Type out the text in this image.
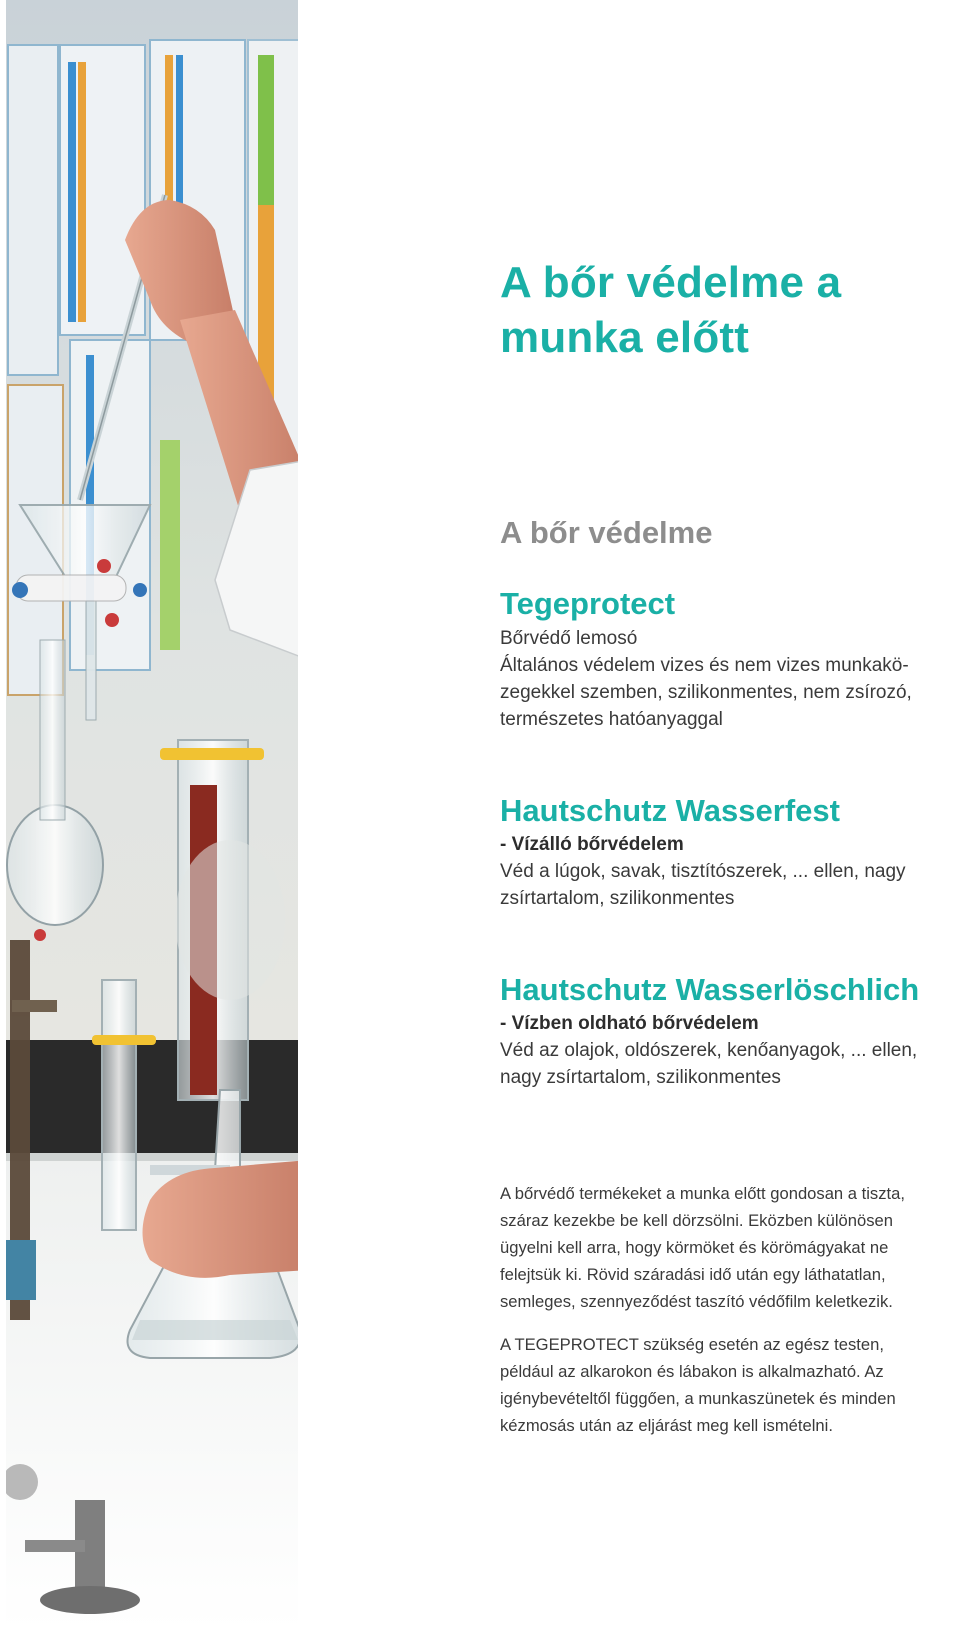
A bőr védelme a
munka előtt
A bőr védelme
Tegeprotect

Bőrvédő lemosó
Általános védelem vizes és nem vizes munkakö-
zegekkel szemben, szilikonmentes, nem zsírozó,
természetes hatóanyaggal

Hautschutz Wasserfest
- Vízálló bőrvédelem

Véd a lúgok, savak, tisztítószerek, ... ellen, nagy
zsírtartalom, szilikonmentes

Hautschutz Wasserlöschlich
- Vízben oldható bőrvédelem

Véd az olajok, oldószerek, kenőanyagok, ... ellen,
nagy zsírtartalom, szilikonmentes

A bőrvédő termékeket a munka előtt gondosan a tiszta,
száraz kezekbe be kell dörzsölni. Eközben különösen
ügyelni kell arra, hogy körmöket és körömágyakat ne
felejtsük ki. Rövid száradási idő után egy láthatatlan,
semleges, szennyeződést taszító védőfilm keletkezik.

A TEGEPROTECT szükség esetén az egész testen,
például az alkarokon és lábakon is alkalmazható. Az
igénybevételtől függően, a munkaszünetek és minden
kézmosás után az eljárást meg kell ismételni.
